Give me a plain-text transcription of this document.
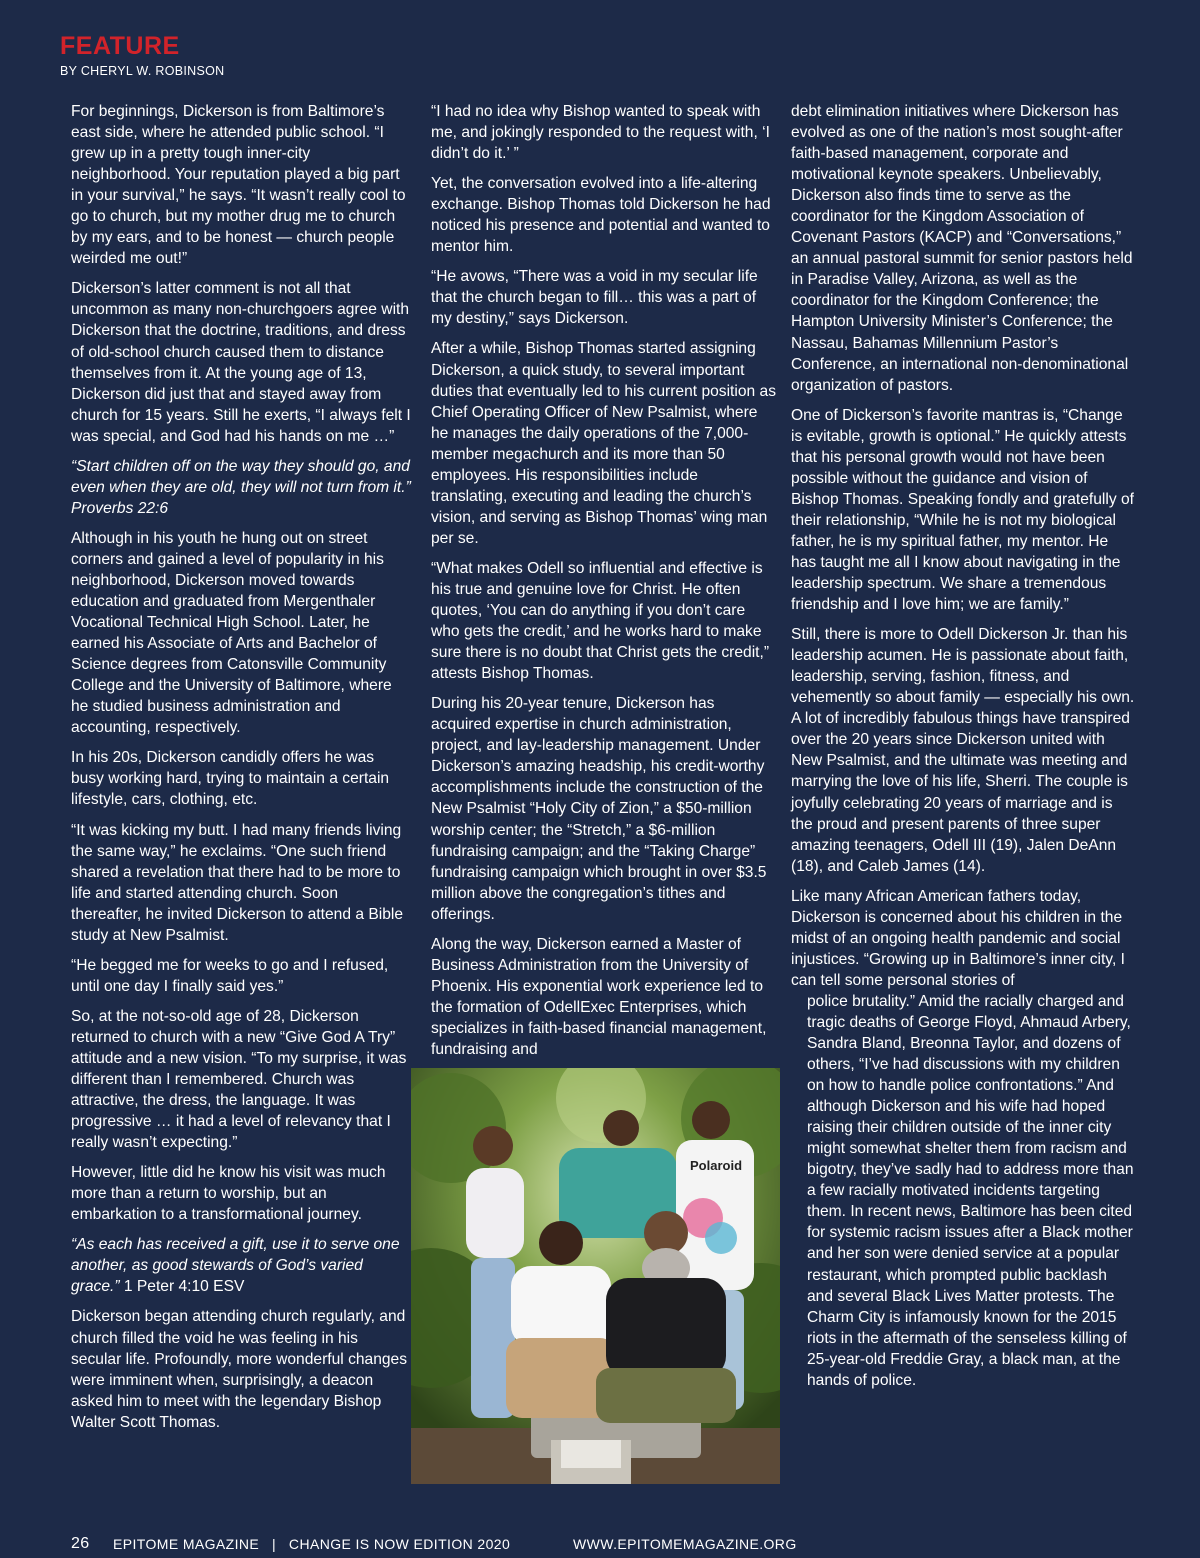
FEATURE
BY CHERYL W. ROBINSON

For beginnings, Dickerson is from Baltimore’s east side, where he attended public school. “I grew up in a pretty tough inner-city neighborhood. Your reputation played a big part in your survival,” he says. “It wasn’t really cool to go to church, but my mother drug me to church by my ears, and to be honest — church people weirded me out!”

Dickerson’s latter comment is not all that uncommon as many non-churchgoers agree with Dickerson that the doctrine, traditions, and dress of old-school church caused them to distance themselves from it. At the young age of 13, Dickerson did just that and stayed away from church for 15 years. Still he exerts, “I always felt I was special, and God had his hands on me …”

“Start children off on the way they should go, and even when they are old, they will not turn from it.” Proverbs 22:6

Although in his youth he hung out on street corners and gained a level of popularity in his neighborhood, Dickerson moved towards education and graduated from Mergenthaler Vocational Technical High School. Later, he earned his Associate of Arts and Bachelor of Science degrees from Catonsville Community College and the University of Baltimore, where he studied business administration and accounting, respectively.

In his 20s, Dickerson candidly offers he was busy working hard, trying to maintain a certain lifestyle, cars, clothing, etc.

“It was kicking my butt. I had many friends living the same way,” he exclaims. “One such friend shared a revelation that there had to be more to life and started attending church. Soon thereafter, he invited Dickerson to attend a Bible study at New Psalmist.

“He begged me for weeks to go and I refused, until one day I finally said yes.”

So, at the not-so-old age of 28, Dickerson returned to church with a new “Give God A Try” attitude and a new vision. “To my surprise, it was different than I remembered. Church was attractive, the dress, the language. It was progressive … it had a level of relevancy that I really wasn’t expecting.”

However, little did he know his visit was much more than a return to worship, but an embarkation to a transformational journey.

“As each has received a gift, use it to serve one another, as good stewards of God’s varied grace.” 1 Peter 4:10 ESV

Dickerson began attending church regularly, and church filled the void he was feeling in his secular life. Profoundly, more wonderful changes were imminent when, surprisingly, a deacon asked him to meet with the legendary Bishop Walter Scott Thomas.

“I had no idea why Bishop wanted to speak with me, and jokingly responded to the request with, ‘I didn’t do it.’ ”

Yet, the conversation evolved into a life-altering exchange. Bishop Thomas told Dickerson he had noticed his presence and potential and wanted to mentor him.

“He avows, “There was a void in my secular life that the church began to fill… this was a part of my destiny,” says Dickerson.

After a while, Bishop Thomas started assigning Dickerson, a quick study, to several important duties that eventually led to his current position as Chief Operating Officer of New Psalmist, where he manages the daily operations of the 7,000-member megachurch and its more than 50 employees. His responsibilities include translating, executing and leading the church’s vision, and serving as Bishop Thomas’ wing man per se.

“What makes Odell so influential and effective is his true and genuine love for Christ. He often quotes, ‘You can do anything if you don’t care who gets the credit,’ and he works hard to make sure there is no doubt that Christ gets the credit,” attests Bishop Thomas.

During his 20-year tenure, Dickerson has acquired expertise in church administration, project, and lay-leadership management. Under Dickerson’s amazing headship, his credit-worthy accomplishments include the construction of the New Psalmist “Holy City of Zion,” a $50-million worship center; the “Stretch,” a $6-million fundraising campaign; and the “Taking Charge” fundraising campaign which brought in over $3.5 million above the congregation’s tithes and offerings.

Along the way, Dickerson earned a Master of Business Administration from the University of Phoenix. His exponential work experience led to the formation of OdellExec Enterprises, which specializes in faith-based financial management, fundraising and

debt elimination initiatives where Dickerson has evolved as one of the nation’s most sought-after faith-based management, corporate and motivational keynote speakers. Unbelievably, Dickerson also finds time to serve as the coordinator for the Kingdom Association of Covenant Pastors (KACP) and “Conversations,” an annual pastoral summit for senior pastors held in Paradise Valley, Arizona, as well as the coordinator for the Kingdom Conference; the Hampton University Minister’s Conference; the Nassau, Bahamas Millennium Pastor’s Conference, an international non-denominational organization of pastors.

One of Dickerson’s favorite mantras is, “Change is evitable, growth is optional.” He quickly attests that his personal growth would not have been possible without the guidance and vision of Bishop Thomas. Speaking fondly and gratefully of their relationship, “While he is not my biological father, he is my spiritual father, my mentor. He has taught me all I know about navigating in the leadership spectrum. We share a tremendous friendship and I love him; we are family.”

Still, there is more to Odell Dickerson Jr. than his leadership acumen. He is passionate about faith, leadership, serving, fashion, fitness, and vehemently so about family — especially his own. A lot of incredibly fabulous things have transpired over the 20 years since Dickerson united with New Psalmist, and the ultimate was meeting and marrying the love of his life, Sherri. The couple is joyfully celebrating 20 years of marriage and is the proud and present parents of three super amazing teenagers, Odell III (19), Jalen DeAnn (18), and Caleb James (14).

Like many African American fathers today, Dickerson is concerned about his children in the midst of an ongoing health pandemic and social injustices. “Growing up in Baltimore’s inner city, I can tell some personal stories of

police brutality.” Amid the racially charged and tragic deaths of George Floyd, Ahmaud Arbery, Sandra Bland, Breonna Taylor, and dozens of others, “I’ve had discussions with my children on how to handle police confrontations.” And although Dickerson and his wife had hoped raising their children outside of the inner city might somewhat shelter them from racism and bigotry, they’ve sadly had to address more than a few racially motivated incidents targeting them. In recent news, Baltimore has been cited for systemic racism issues after a Black mother and her son were denied service at a popular restaurant, which prompted public backlash and several Black Lives Matter protests. The Charm City is infamously known for the 2015 riots in the aftermath of the senseless killing of 25-year-old Freddie Gray, a black man, at the hands of police.

Polaroid
26 EPITOME MAGAZINE   |   CHANGE IS NOW EDITION 2020	WWW.EPITOMEMAGAZINE.ORG
